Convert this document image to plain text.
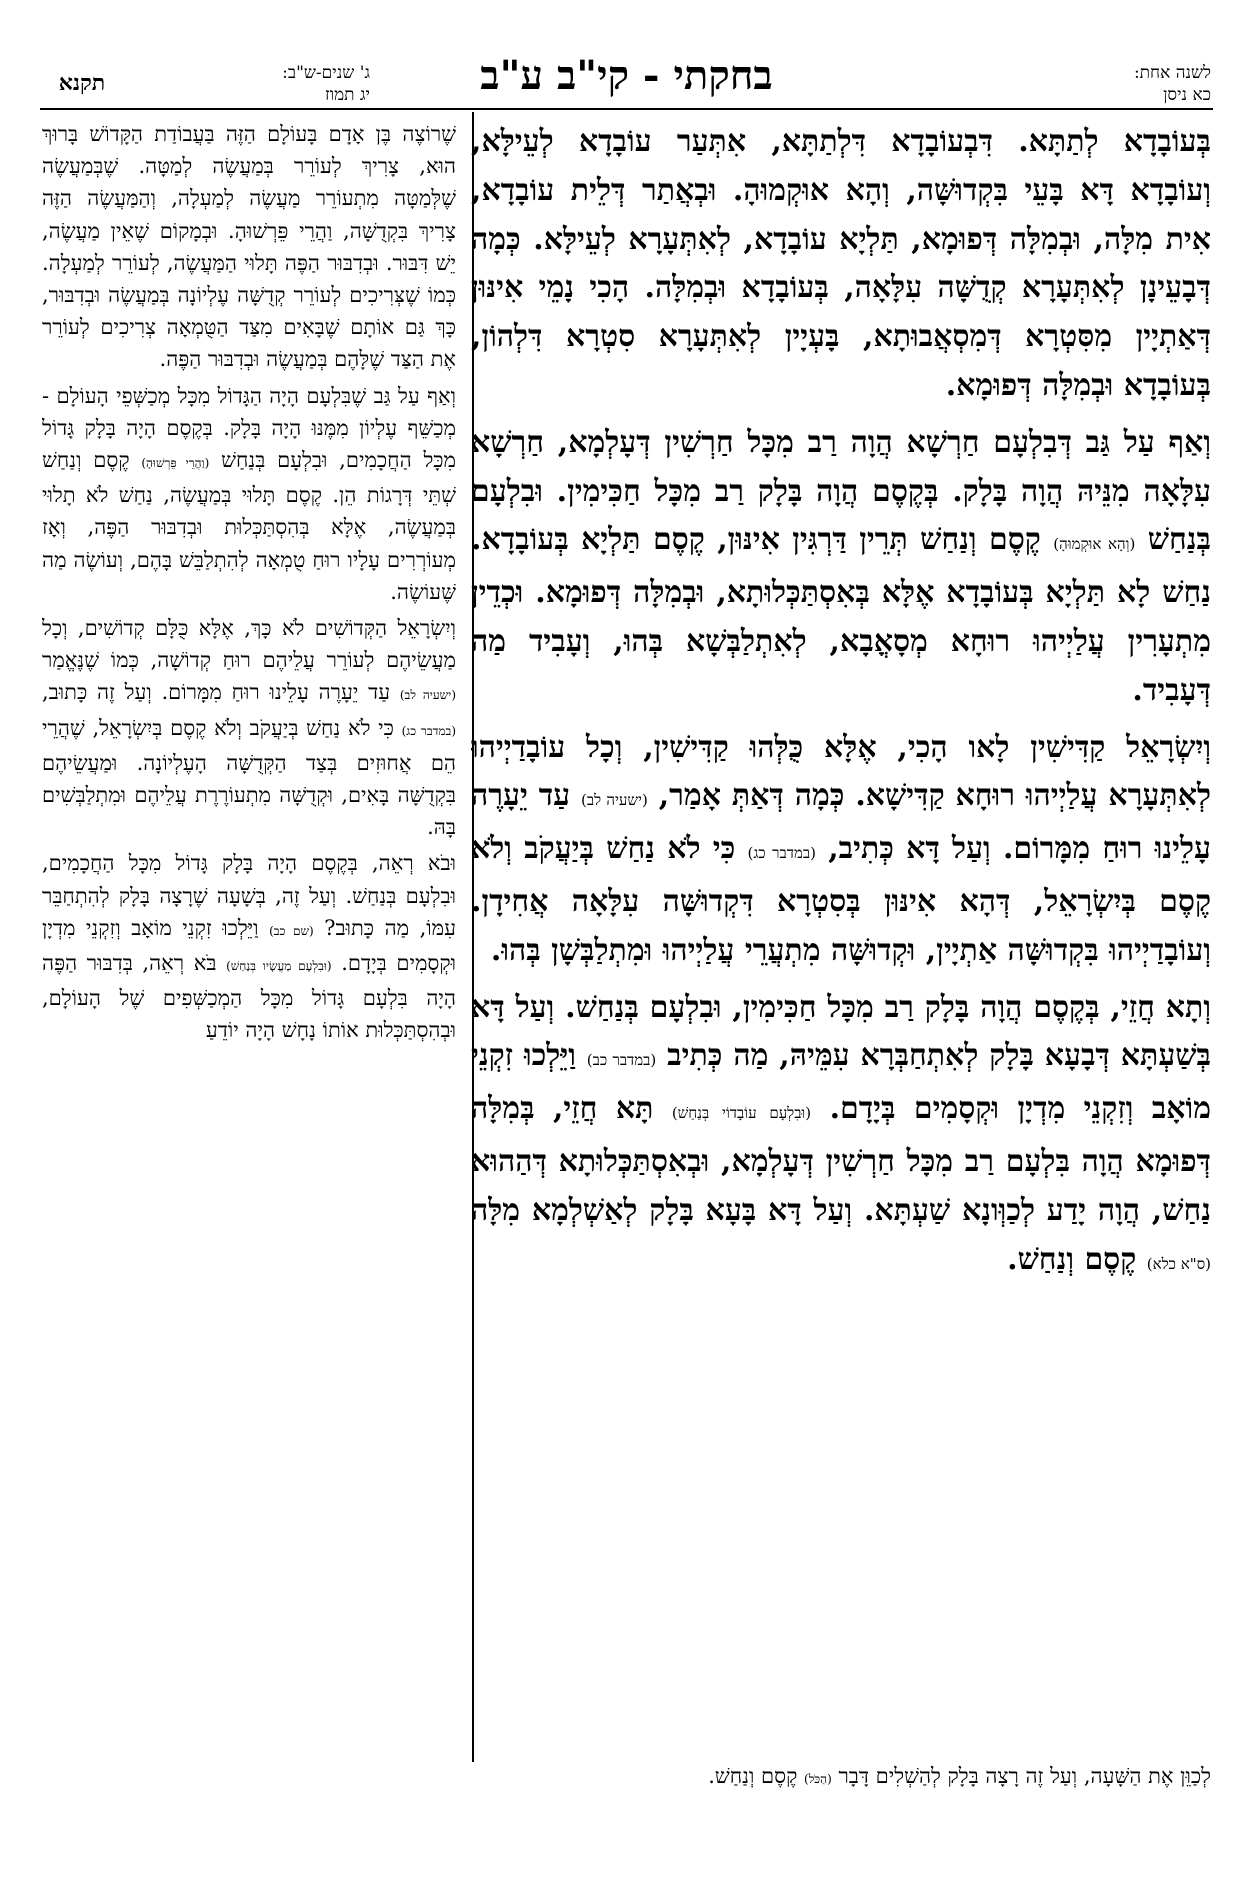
לשנה אחת:
כא ניסן
בחקתי - קי"ב ע"ב
ג' שנים-ש"ב:
יג תמוז
תקנא

בְּעוֹבָדָא לְתַתָּא. דִּבְעוֹבָדָא דִּלְתַתָּא, אִתְּעַר עוֹבָדָא לְעֵילָּא, וְעוֹבָדָא דָּא בָּעֵי בִּקְדוּשָּׁה, וְהָא אוּקְמוּהָ. וּבְאֲתַר דְּלֵית עוֹבָדָא, אִית מִלָּה, וּבְמִלָּה דְּפוּמָא, תַּלְיָא עוֹבָדָא, לְאִתְּעָרָא לְעֵילָּא. כְּמָה דְּבָעֵינָן לְאִתְּעָרָא קְדֻשָּׁה עִלָּאָה, בְּעוֹבָדָא וּבְמִלָּה. הָכִי נָמֵי אִינּוּן דְּאַתְיָין מִסִּטְרָא דְּמִסְאֲבוּתָא, בָּעְיָין לְאִתְּעָרָא סִטְרָא דִּלְהוֹן, בְּעוֹבָדָא וּבְמִלָּה דְּפוּמָא.

וְאַף עַל גַּב דְּבִלְעָם חַרְשָׁא הֲוָה רַב מִכָּל חַרְשִׁין דְּעָלְמָא, חַרְשָׁא עִלָּאָה מִנֵּיהּ הֲוָה בָּלָק. בְּקֶסֶם הֲוָה בָּלָק רַב מִכָּל חַכִּימִין. וּבִלְעָם בְּנַחַשׁ (וְהָא אוּקְמוּהָ) קֶסֶם וְנַחַשׁ תְּרֵין דַּרְגִּין אִינּוּן, קֶסֶם תַּלְיָא בְּעוֹבָדָא. נַחַשׁ לָא תַּלְיָא בְּעוֹבָדָא אֶלָּא בְּאִסְתַּכְּלוּתָא, וּבְמִלָּה דְּפוּמָא. וּכְדֵין מִתְעָרִין עֲלַיְיהוּ רוּחָא מְסָאֳבָא, לְאִתְלַבְּשָׁא בְּהוּ, וְעָבִיד מַה דְּעָבִיד.

וְיִשְׂרָאֵל קַדִּישִׁין לָאו הָכִי, אֶלָּא כֻּלְּהוּ קַדִּישִׁין, וְכָל עוֹבָדַיְיהוּ לְאִתְּעָרָא עֲלַיְיהוּ רוּחָא קַדִּישָׁא. כְּמָה דְּאַתְּ אָמַר, (ישעיה לב) עַד יֵעָרֶה עָלֵינוּ רוּחַ מִמָּרוֹם. וְעַל דָּא כְּתִיב, (במדבר כג) כִּי לֹא נַחַשׁ בְּיַעֲקֹב וְלֹא קֶסֶם בְּיִשְׂרָאֵל, דְּהָא אִינּוּן בְּסִטְרָא דִּקְדוּשָּׁה עִלָּאָה אֲחִידָן. וְעוֹבָדַיְיהוּ בִּקְדוּשָּׁה אַתְיָין, וּקְדוּשָּׁה מִתְעֲרֵי עֲלַיְיהוּ וּמִתְלַבְּשָׁן בְּהוּ.

וְתָא חֲזֵי, בְּקֶסֶם הֲוָה בָּלָק רַב מִכָּל חַכִּימִין, וּבִלְעָם בְּנַחַשׁ. וְעַל דָּא בְּשַׁעְתָּא דְּבָעָא בָּלָק לְאִתְחַבְּרָא עִמֵּיהּ, מַה כְּתִיב (במדבר כב) וַיֵּלְכוּ זִקְנֵי מוֹאָב וְזִקְנֵי מִדְיָן וּקְסָמִים בְּיָדָם. (וּבִלְעָם עוֹבָדוֹי בְּנַחַשׁ) תָּא חֲזֵי, בְּמִלָּה דְּפוּמָא הֲוָה בִּלְעָם רַב מִכָּל חַרְשִׁין דְּעָלְמָא, וּבְאִסְתַּכְּלוּתָא דְּהַהוּא נַחַשׁ, הֲוָה יָדַע לְכַוְּונָא שַׁעְתָּא. וְעַל דָּא בָּעָא בָּלָק לְאַשְׁלְמָא מִלָּה (ס"א כלא) קֶסֶם וְנַחַשׁ.

שֶׁרוֹצֶה בֶּן אָדָם בָּעוֹלָם הַזֶּה בַּעֲבוֹדַת הַקָּדוֹשׁ בָּרוּךְ הוּא, צָרִיךְ לְעוֹרֵר בְּמַעֲשֶׂה לְמַטָּה. שֶׁבְּמַעֲשֶׂה שֶׁלְּמַטָּה מִתְעוֹרֵר מַעֲשֶׂה לְמַעְלָה, וְהַמַּעֲשֶׂה הַזֶּה צָרִיךְ בִּקְדֻשָּׁה, וַהֲרֵי פֵּרְשׁוּהָ. וּבְמָקוֹם שֶׁאֵין מַעֲשֶׂה, יֵשׁ דִּבּוּר. וּבְדִבּוּר הַפֶּה תָּלוּי הַמַּעֲשֶׂה, לְעוֹרֵר לְמַעְלָה. כְּמוֹ שֶׁצְּרִיכִים לְעוֹרֵר קְדֻשָּׁה עֶלְיוֹנָה בְּמַעֲשֶׂה וּבְדִבּוּר, כָּךְ גַּם אוֹתָם שֶׁבָּאִים מִצַּד הַטֻּמְאָה צְרִיכִים לְעוֹרֵר אֶת הַצַּד שֶׁלָּהֶם בְּמַעֲשֶׂה וּבְדִבּוּר הַפֶּה.

וְאַף עַל גַּב שֶׁבִּלְעָם הָיָה הַגָּדוֹל מִכָּל מְכַשְּׁפֵי הָעוֹלָם - מְכַשֵּׁף עֶלְיוֹן מִמֶּנּוּ הָיָה בָּלָק. בְּקֶסֶם הָיָה בָּלָק גָּדוֹל מִכָּל הַחֲכָמִים, וּבִלְעָם בְּנַחַשׁ (וַהֲרֵי פֵּרְשׁוּהָ) קֶסֶם וְנַחַשׁ שְׁתֵּי דְּרָגוֹת הֵן. קֶסֶם תָּלוּי בְּמַעֲשֶׂה, נַחַשׁ לֹא תָלוּי בְּמַעֲשֶׂה, אֶלָּא בְּהִסְתַּכְּלוּת וּבְדִבּוּר הַפֶּה, וְאָז מְעוֹרְרִים עָלָיו רוּחַ טֻמְאָה לְהִתְלַבֵּשׁ בָּהֶם, וְעוֹשֶׂה מַה שֶּׁעוֹשֶׂה.

וְיִשְׂרָאֵל הַקְּדוֹשִׁים לֹא כָּךְ, אֶלָּא כֻּלָּם קְדוֹשִׁים, וְכָל מַעֲשֵׂיהֶם לְעוֹרֵר עֲלֵיהֶם רוּחַ קְדוֹשָׁה, כְּמוֹ שֶׁנֶּאֱמַר (ישעיה לב) עַד יֵעָרֶה עָלֵינוּ רוּחַ מִמָּרוֹם. וְעַל זֶה כָּתוּב, (במדבר כג) כִּי לֹא נַחַשׁ בְּיַעֲקֹב וְלֹא קֶסֶם בְּיִשְׂרָאֵל, שֶׁהֲרֵי הֵם אֲחוּזִים בְּצַד הַקְּדֻשָּׁה הָעֶלְיוֹנָה. וּמַעֲשֵׂיהֶם בִּקְדֻשָּׁה בָּאִים, וּקְדֻשָּׁה מִתְעוֹרֶרֶת עֲלֵיהֶם וּמִתְלַבְּשִׁים בָּהּ.

וּבֹא רְאֵה, בְּקֶסֶם הָיָה בָּלָק גָּדוֹל מִכָּל הַחֲכָמִים, וּבִלְעָם בְּנַחַשׁ. וְעַל זֶה, בְּשָׁעָה שֶׁרָצָה בָּלָק לְהִתְחַבֵּר עִמּוֹ, מַה כָּתוּב? (שם כב) וַיֵּלְכוּ זִקְנֵי מוֹאָב וְזִקְנֵי מִדְיָן וּקְסָמִים בְּיָדָם. (וּבִלְעָם מַעֲשָׂיו בְּנַחַשׁ) בֹּא רְאֵה, בְּדִבּוּר הַפֶּה הָיָה בִּלְעָם גָּדוֹל מִכָּל הַמְכַשְּׁפִים שֶׁל הָעוֹלָם, וּבְהִסְתַּכְּלוּת אוֹתוֹ נָחָשׁ הָיָה יוֹדֵעַ

לְכַוֵּן אֶת הַשָּׁעָה, וְעַל זֶה רָצָה בָּלָק לְהַשְׁלִים דָּבָר (הַכֹּל) קֶסֶם וְנַחַשׁ.
